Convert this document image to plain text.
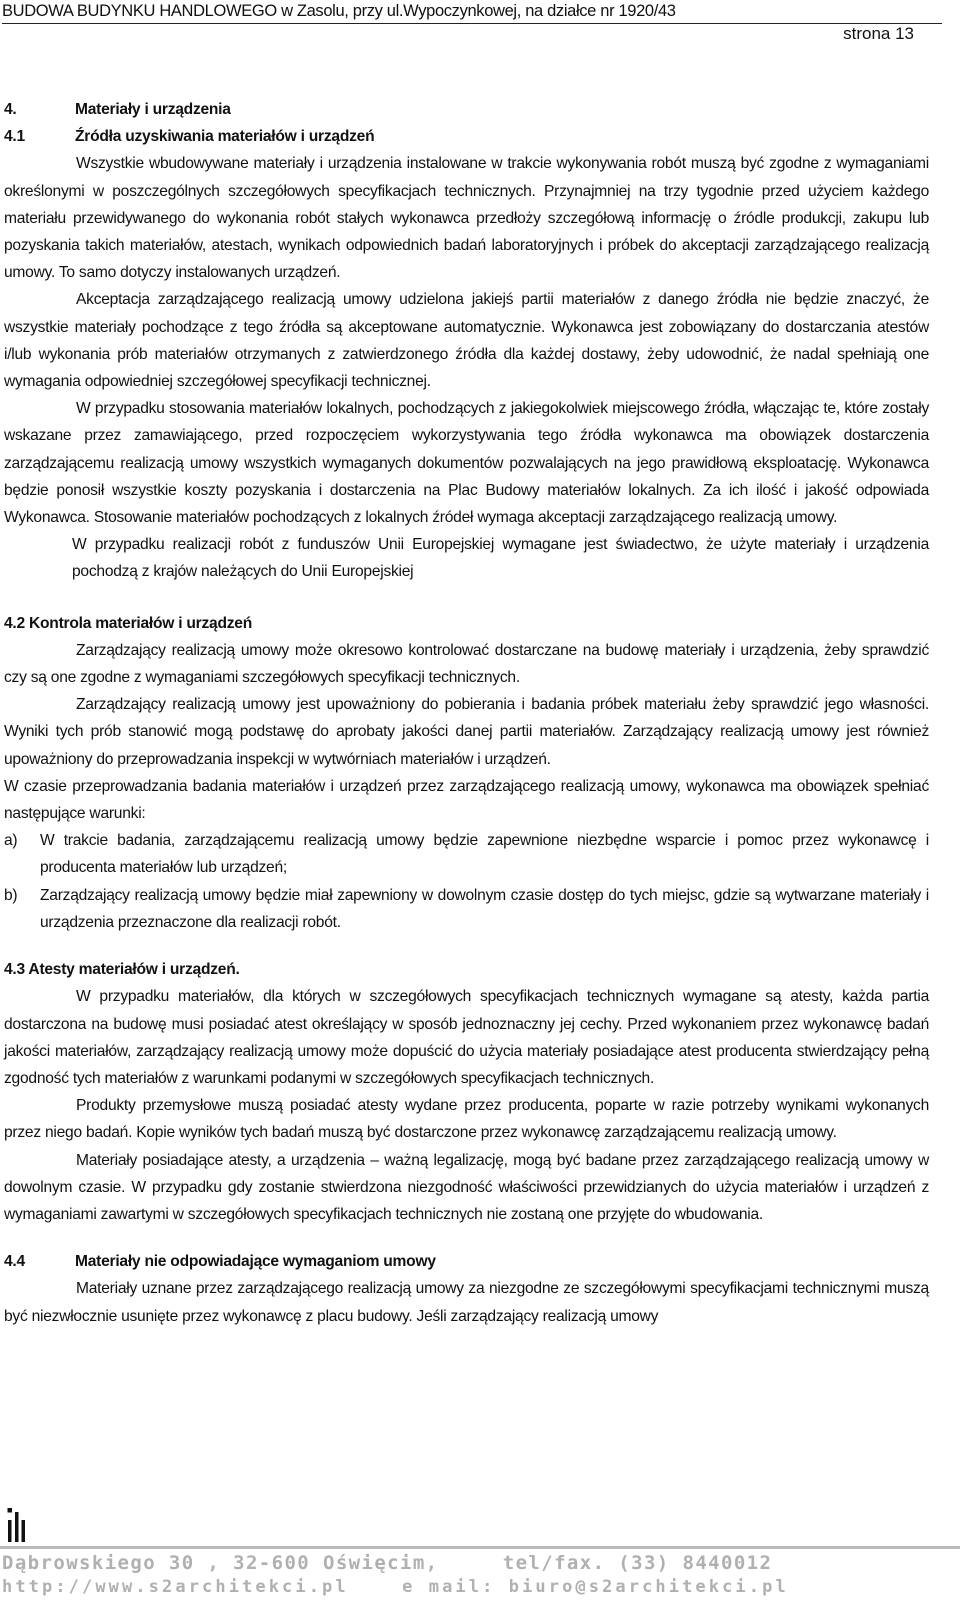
BUDOWA BUDYNKU HANDLOWEGO w Zasolu, przy ul.Wypoczynkowej, na działce nr 1920/43
strona 13

4.	Materiały i urządzenia

4.1	Źródła uzyskiwania materiałów i urządzeń

Wszystkie wbudowywane materiały i urządzenia instalowane w trakcie wykonywania robót muszą być zgodne z wymaganiami określonymi w poszczególnych szczegółowych specyfikacjach technicznych. Przynajmniej na trzy tygodnie przed użyciem każdego materiału przewidywanego do wykonania robót stałych wykonawca przedłoży szczegółową informację o źródle produkcji, zakupu lub pozyskania takich materiałów, atestach, wynikach odpowiednich badań laboratoryjnych i próbek do akceptacji zarządzającego realizacją umowy. To samo dotyczy instalowanych urządzeń.

Akceptacja zarządzającego realizacją umowy udzielona jakiejś partii materiałów z danego źródła nie będzie znaczyć, że wszystkie materiały pochodzące z tego źródła są akceptowane automatycznie. Wykonawca jest zobowiązany do dostarczania atestów i/lub wykonania prób materiałów otrzymanych z zatwierdzonego źródła dla każdej dostawy, żeby udowodnić, że nadal spełniają one wymagania odpowiedniej szczegółowej specyfikacji technicznej.

W przypadku stosowania materiałów lokalnych, pochodzących z jakiegokolwiek miejscowego źródła, włączając te, które zostały wskazane przez zamawiającego, przed rozpoczęciem wykorzystywania tego źródła wykonawca ma obowiązek dostarczenia zarządzającemu realizacją umowy wszystkich wymaganych dokumentów pozwalających na jego prawidłową eksploatację. Wykonawca będzie ponosił wszystkie koszty pozyskania i dostarczenia na Plac Budowy materiałów lokalnych. Za ich ilość i jakość odpowiada Wykonawca. Stosowanie materiałów pochodzących z lokalnych źródeł wymaga akceptacji zarządzającego realizacją umowy.

W przypadku realizacji robót z funduszów Unii Europejskiej wymagane jest świadectwo, że użyte materiały i urządzenia pochodzą z krajów należących do Unii Europejskiej

4.2 Kontrola materiałów i urządzeń

Zarządzający realizacją umowy może okresowo kontrolować dostarczane na budowę materiały i urządzenia, żeby sprawdzić czy są one zgodne z wymaganiami szczegółowych specyfikacji technicznych.

Zarządzający realizacją umowy jest upoważniony do pobierania i badania próbek materiału żeby sprawdzić jego własności. Wyniki tych prób stanowić mogą podstawę do aprobaty jakości danej partii materiałów. Zarządzający realizacją umowy jest również upoważniony do przeprowadzania inspekcji w wytwórniach materiałów i urządzeń.

W czasie przeprowadzania badania materiałów i urządzeń przez zarządzającego realizacją umowy, wykonawca ma obowiązek spełniać następujące warunki:

a)	W trakcie badania, zarządzającemu realizacją umowy będzie zapewnione niezbędne wsparcie i pomoc przez wykonawcę i producenta materiałów lub urządzeń;
b)	Zarządzający realizacją umowy będzie miał zapewniony w dowolnym czasie dostęp do tych miejsc, gdzie są wytwarzane materiały i urządzenia przeznaczone dla realizacji robót.

4.3 Atesty materiałów i urządzeń.

W przypadku materiałów, dla których w szczegółowych specyfikacjach technicznych wymagane są atesty, każda partia dostarczona na budowę musi posiadać atest określający w sposób jednoznaczny jej cechy. Przed wykonaniem przez wykonawcę badań jakości materiałów, zarządzający realizacją umowy może dopuścić do użycia materiały posiadające atest producenta stwierdzający pełną zgodność tych materiałów z warunkami podanymi w szczegółowych specyfikacjach technicznych.

Produkty przemysłowe muszą posiadać atesty wydane przez producenta, poparte w razie potrzeby wynikami wykonanych przez niego badań. Kopie wyników tych badań muszą być dostarczone przez wykonawcę zarządzającemu realizacją umowy.

Materiały posiadające atesty, a urządzenia – ważną legalizację, mogą być badane przez zarządzającego realizacją umowy w dowolnym czasie. W przypadku gdy zostanie stwierdzona niezgodność właściwości przewidzianych do użycia materiałów i urządzeń z wymaganiami zawartymi w szczegółowych specyfikacjach technicznych nie zostaną one przyjęte do wbudowania.

4.4	Materiały nie odpowiadające wymaganiom umowy

Materiały uznane przez zarządzającego realizacją umowy za niezgodne ze szczegółowymi specyfikacjami technicznymi muszą być niezwłocznie usunięte przez wykonawcę z placu budowy. Jeśli zarządzający realizacją umowy

Dąbrowskiego 30 , 32-600 Oświęcim,	tel/fax. (33) 8440012
http://www.s2architekci.pl	e mail: biuro@s2architekci.pl
